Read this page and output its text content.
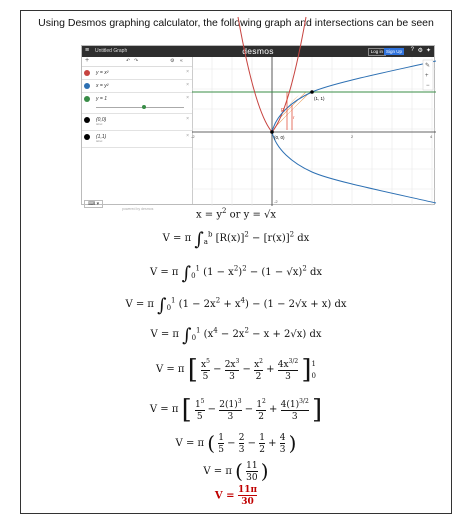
Using Desmos graphing calculator, the following graph and intersections can be seen
≡ Untitled Graph	desmos	Log in Sign Up	? ⚙ ✦
+	↶ ↷	⚙ «
y = x²	×
x = y²	×
y = 1	×
(0,0)
label
×
(1,1)
label
×
⌨ ▾
powered by desmos
(0, 0)
(1, 1)
R
r
-2	2	4
-2
✎
+
−
$x = y^2$ or y = √x
V = π $\int_a^b$ $[R(x)]^2 - [r(x)]^2$ dx
V = π $\int_0^1$ $(1 - x^2)^2 - (1 - √x)^2$ dx
V = π $\int_0^1$ $(1 - 2x^2 + x^4) - (1 - 2√x + x)$ dx
V = π $\int_0^1$ $(x^4 - 2x^2 - x + 2√x)$ dx
V = π [ $\frac{x^5}{5} - \frac{2x^3}{3} - \frac{x^2}{2} + \frac{4x^{3/2}}{3} ]1$
0
V = π [ $\frac{1^5}{5} - \frac{2(1)^3}{3} - \frac{1^2}{2} + \frac{4(1)^{3/2}}{3}$ ]
V = π ( $\frac{1}{5} - \frac{2}{3} - \frac{1}{2} + \frac{4}{3}$ )
V = π ( $\frac{11}{30}$ )
$V = \frac{11\pi}{30}$
